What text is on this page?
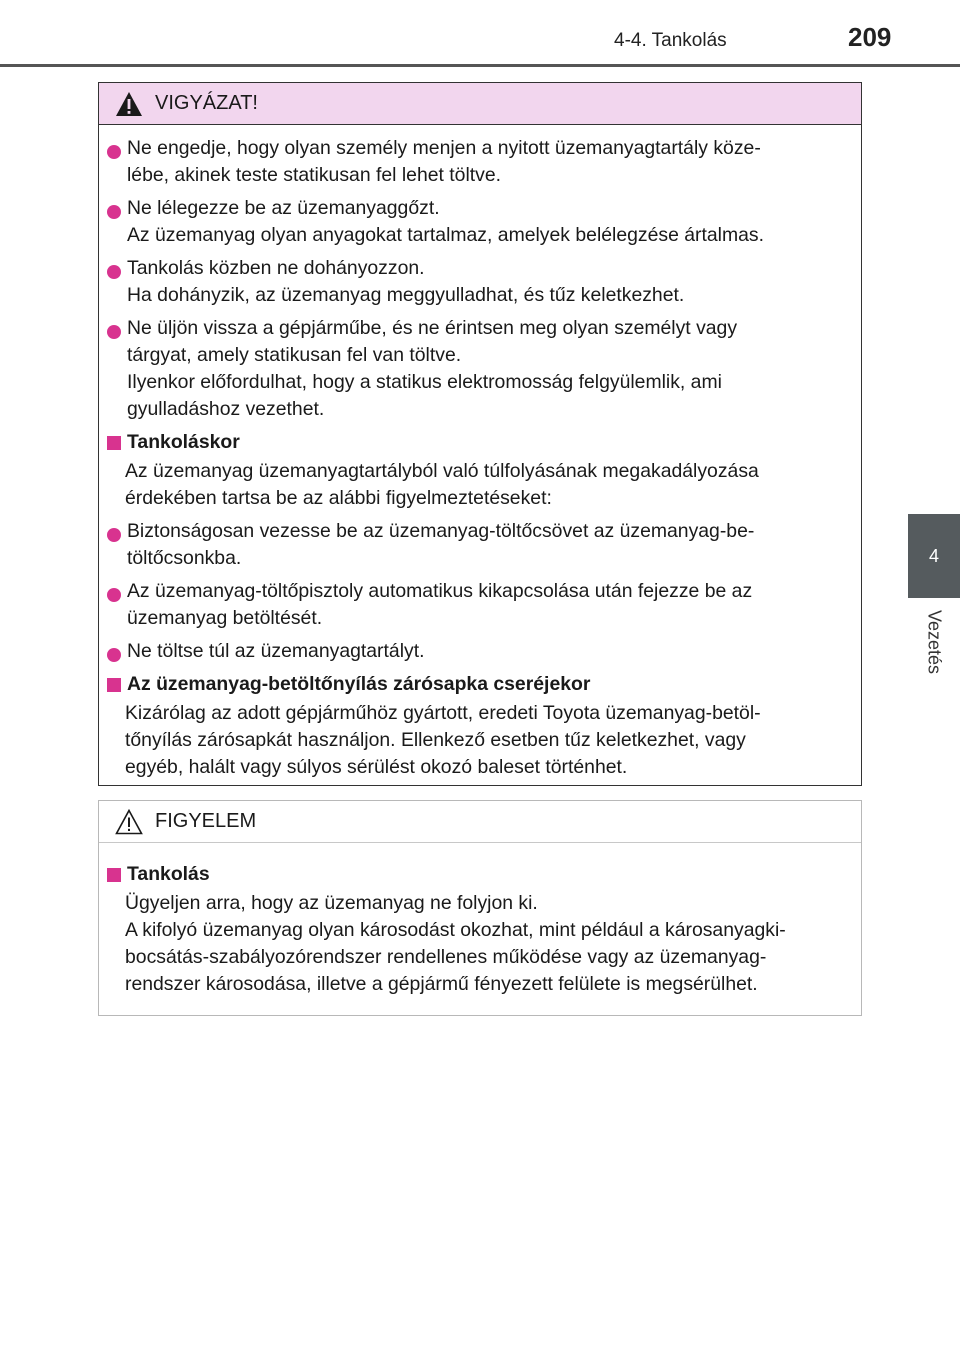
4-4. Tankolás	209
4
Vezetés
VIGYÁZAT!
Ne engedje, hogy olyan személy menjen a nyitott üzemanyagtartály köze-
lébe, akinek teste statikusan fel lehet töltve.
Ne lélegezze be az üzemanyaggőzt.
Az üzemanyag olyan anyagokat tartalmaz, amelyek belélegzése ártalmas.
Tankolás közben ne dohányozzon.
Ha dohányzik, az üzemanyag meggyulladhat, és tűz keletkezhet.
Ne üljön vissza a gépjárműbe, és ne érintsen meg olyan személyt vagy
tárgyat, amely statikusan fel van töltve.
Ilyenkor előfordulhat, hogy a statikus elektromosság felgyülemlik, ami
gyulladáshoz vezethet.
Tankoláskor
Az üzemanyag üzemanyagtartályból való túlfolyásának megakadályozása
érdekében tartsa be az alábbi figyelmeztetéseket:
Biztonságosan vezesse be az üzemanyag-töltőcsövet az üzemanyag-be-
töltőcsonkba.
Az üzemanyag-töltőpisztoly automatikus kikapcsolása után fejezze be az
üzemanyag betöltését.
Ne töltse túl az üzemanyagtartályt.
Az üzemanyag-betöltőnyílás zárósapka cseréjekor
Kizárólag az adott gépjárműhöz gyártott, eredeti Toyota üzemanyag-betöl-
tőnyílás zárósapkát használjon. Ellenkező esetben tűz keletkezhet, vagy
egyéb, halált vagy súlyos sérülést okozó baleset történhet.
FIGYELEM
Tankolás
Ügyeljen arra, hogy az üzemanyag ne folyjon ki.
A kifolyó üzemanyag olyan károsodást okozhat, mint például a károsanyagki-
bocsátás-szabályozórendszer rendellenes működése vagy az üzemanyag-
rendszer károsodása, illetve a gépjármű fényezett felülete is megsérülhet.
